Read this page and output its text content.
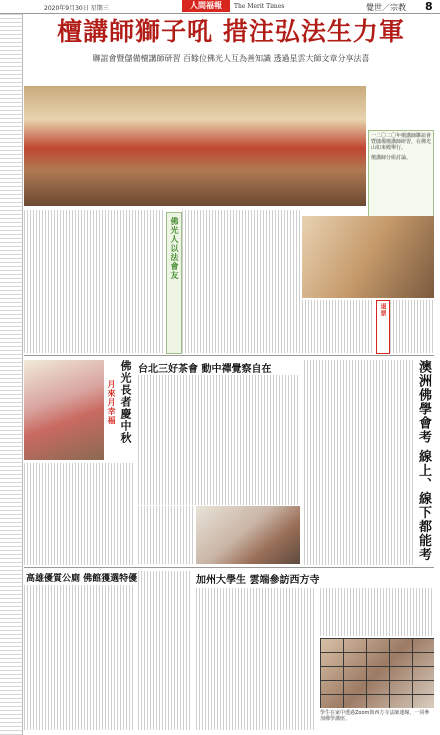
2020年9月30日 星期三	人間福報	The Merit Times	覺世／宗教 8
檀講師獅子吼 措注弘法生力軍
聯誼會暨儲備檀講師研習 百餘位佛光人互為善知識 透過星雲大師文章分享法喜
一二〇二〇年檀講師聯誼會暨儲備檀講師研習，在佛光山如來殿舉行。
檀講師分組討論。
佛光人以法會友
退票
佛光長者慶中秋
月來月幸福
台北三好茶會 動中禪覺察自在	澳洲佛學會考 線上、線下都能考
高雄優質公廁 佛館獲選特優	加州大學生 雲端參訪西方寺
學生在家中透過Zoom與西方寺法師連線，一同參加佛學講座。
